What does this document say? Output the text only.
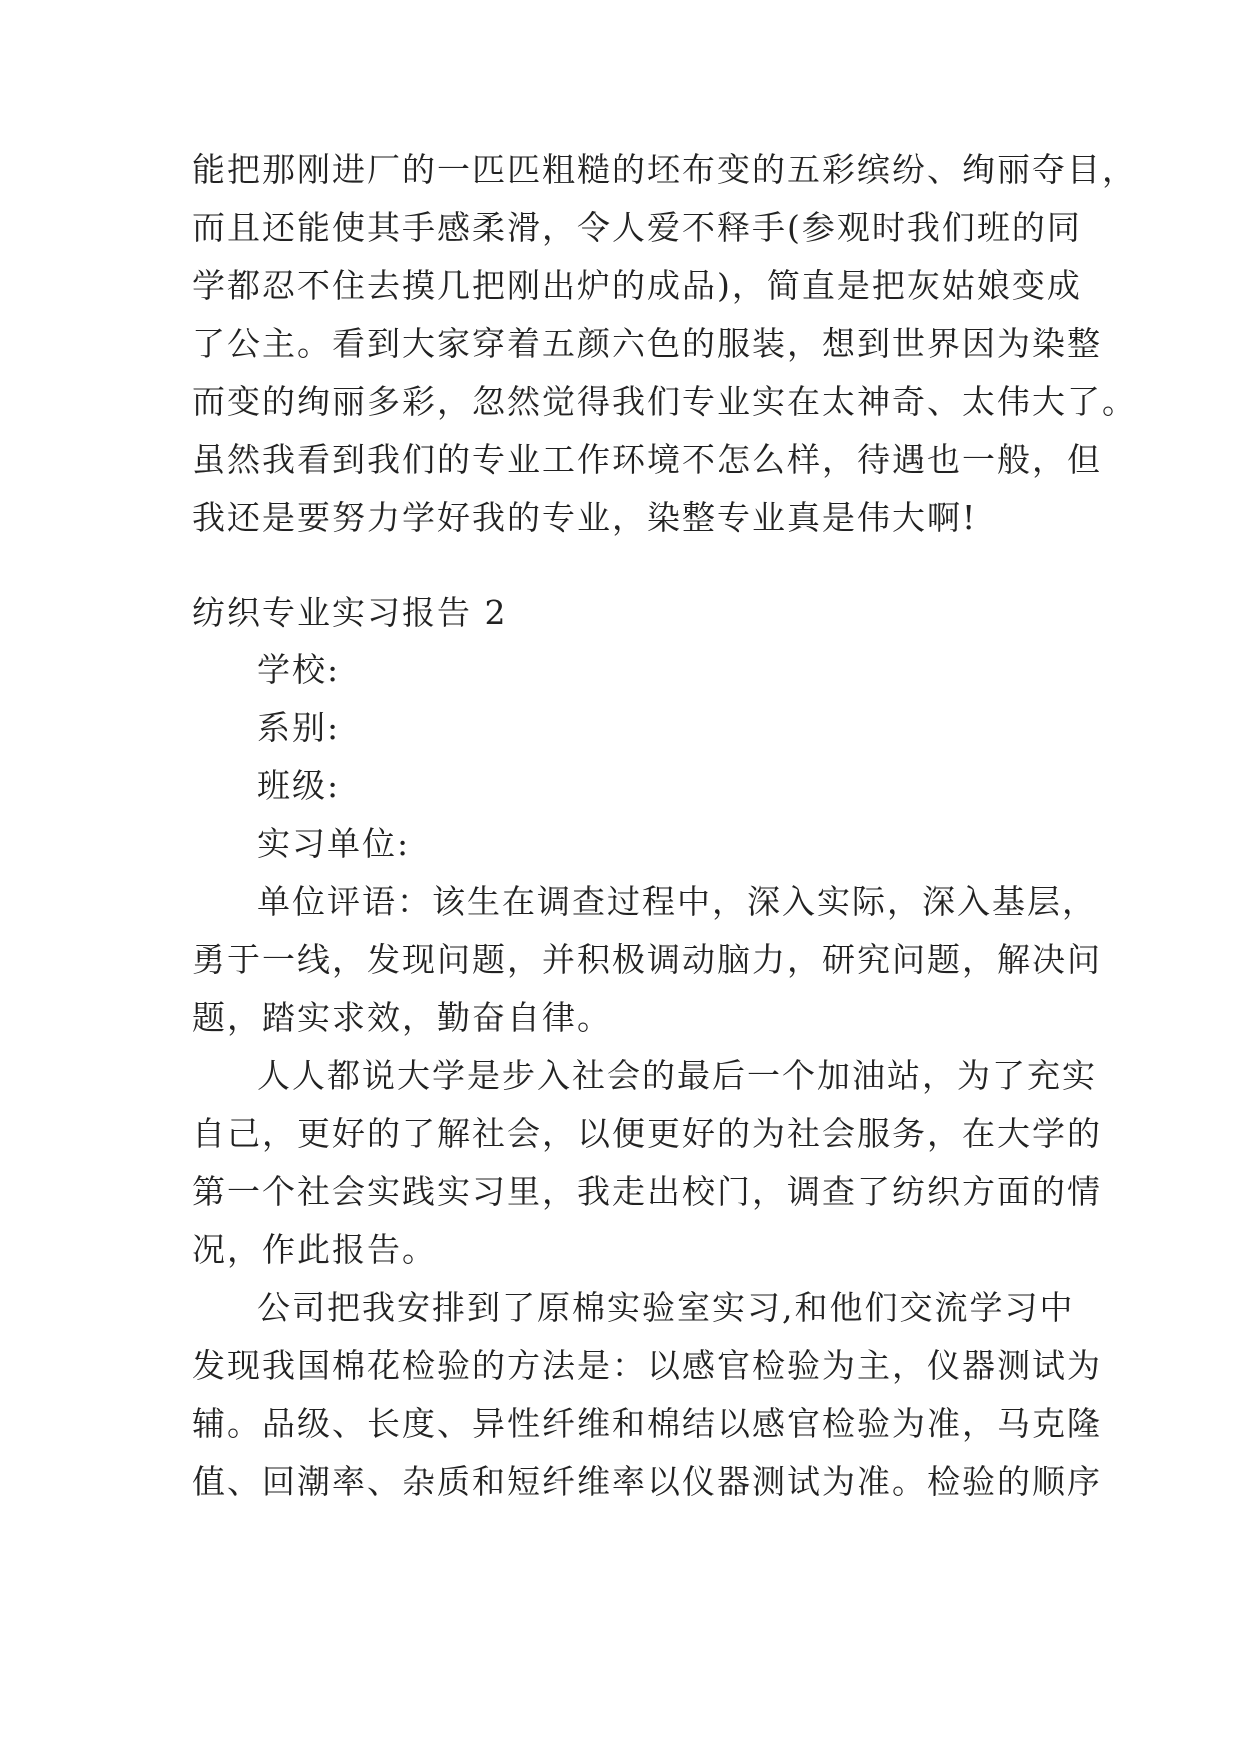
能把那刚进厂的一匹匹粗糙的坯布变的五彩缤纷、绚丽夺目，

而且还能使其手感柔滑，令人爱不释手(参观时我们班的同

学都忍不住去摸几把刚出炉的成品)，简直是把灰姑娘变成

了公主。看到大家穿着五颜六色的服装，想到世界因为染整

而变的绚丽多彩，忽然觉得我们专业实在太神奇、太伟大了。

虽然我看到我们的专业工作环境不怎么样，待遇也一般，但

我还是要努力学好我的专业，染整专业真是伟大啊!

纺织专业实习报告 2

学校:

系别:

班级:

实习单位:

单位评语：该生在调查过程中，深入实际，深入基层，

勇于一线，发现问题，并积极调动脑力，研究问题，解决问

题，踏实求效，勤奋自律。

人人都说大学是步入社会的最后一个加油站，为了充实

自己，更好的了解社会，以便更好的为社会服务，在大学的

第一个社会实践实习里，我走出校门，调查了纺织方面的情

况，作此报告。

公司把我安排到了原棉实验室实习,和他们交流学习中

发现我国棉花检验的方法是：以感官检验为主，仪器测试为

辅。品级、长度、异性纤维和棉结以感官检验为准，马克隆

值、回潮率、杂质和短纤维率以仪器测试为准。检验的顺序
